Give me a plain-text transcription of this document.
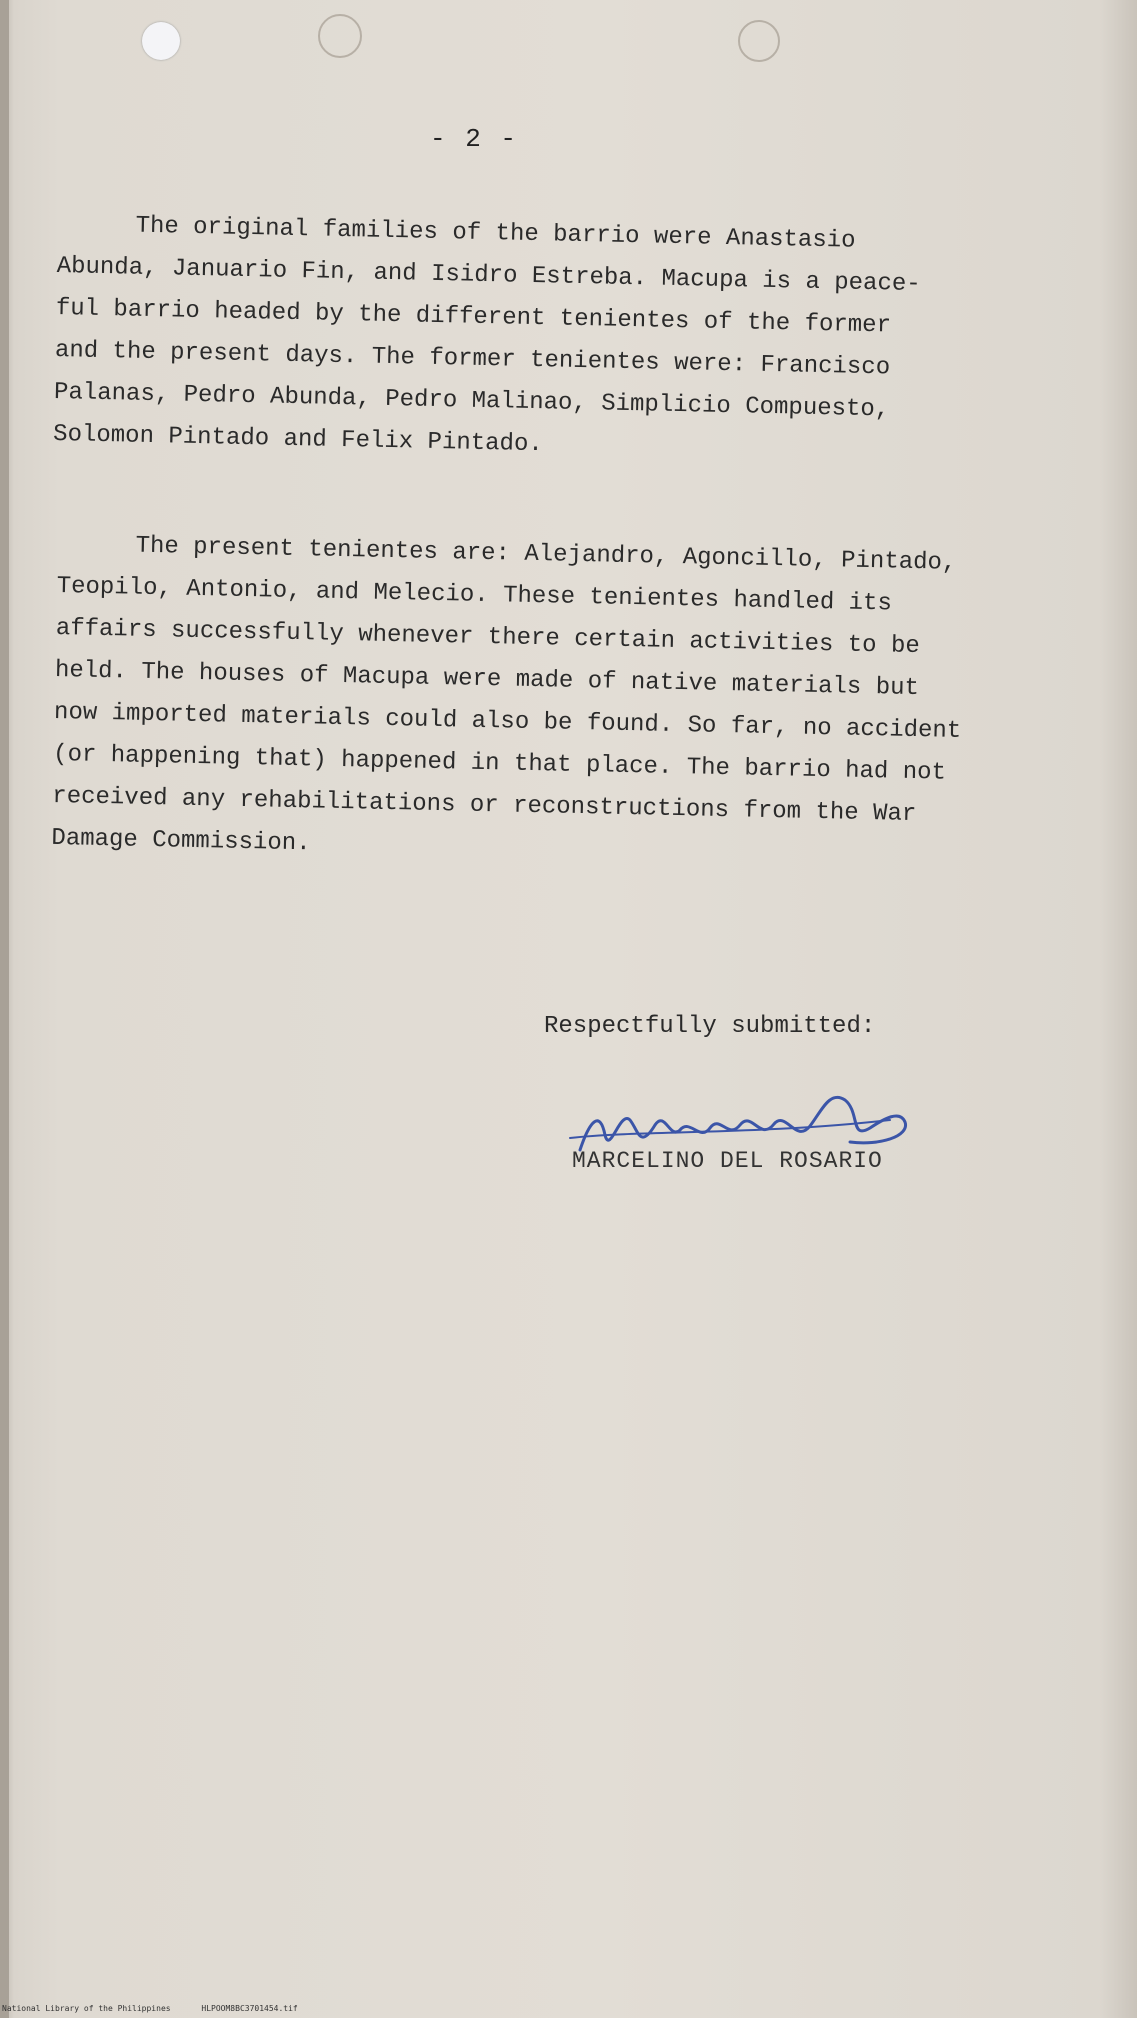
- 2 -
The original families of the barrio were Anastasio
Abunda, Januario Fin, and Isidro Estreba. Macupa is a peace-
ful barrio headed by the different tenientes of the former
and the present days. The former tenientes were: Francisco
Palanas, Pedro Abunda, Pedro Malinao, Simplicio Compuesto,
Solomon Pintado and Felix Pintado.
The present tenientes are: Alejandro, Agoncillo, Pintado,
Teopilo, Antonio, and Melecio. These tenientes handled its
affairs successfully whenever there certain activities to be
held. The houses of Macupa were made of native materials but
now imported materials could also be found. So far, no accident
(or happening that) happened in that place. The barrio had not
received any rehabilitations or reconstructions from the War
Damage Commission.
Respectfully submitted:
MARCELINO DEL ROSARIO
National Library of the Philippines	HLPOOM8BC3701454.tif
